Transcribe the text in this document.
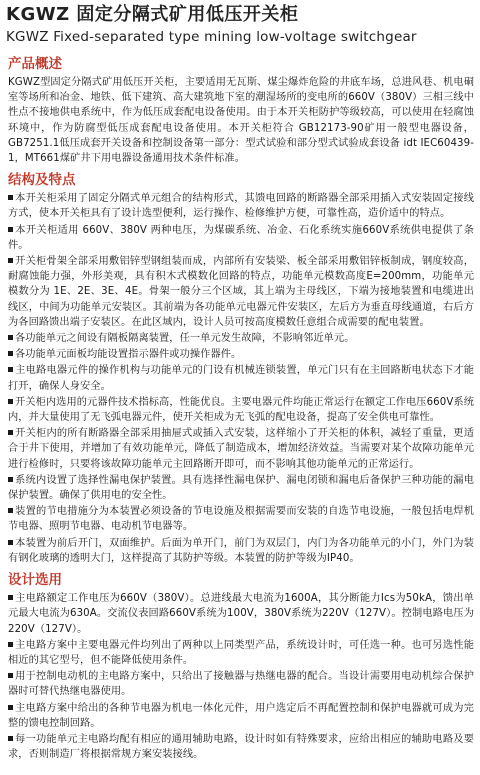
KGWZ 固定分隔式矿用低压开关柜
KGWZ Fixed-separated type mining low-voltage switchgear
产品概述

KGWZ型固定分隔式矿用低压开关柜，主要适用无瓦斯、煤尘爆炸危险的井底车场，总进风巷、机电硐室等场所和冶金、地铁、低下建筑、高大建筑地下室的潮湿场所的变电所的660V（380V）三相三线中性点不接地供电系统中，作为低压成套配电设备使用。由于本开关柜防护等级较高，可以使用在轻腐蚀环境中，作为防腐型低压成套配电设备使用。本开关柜符合 GB12173-90矿用一般型电器设备，GB7251.1低压成套开关设备和控制设备第一部分：型式试验和部分型式试验成套设备 idt IEC60439-1，MT661煤矿井下用电器设备通用技术条件标准。

结构及特点

本开关柜采用了固定分隔式单元组合的结构形式，其馈电回路的断路器全部采用插入式安装固定接线方式，使本开关柜具有了设计选型便利，运行操作、检修维护方便，可靠性高，造价适中的特点。

本开关柜适用 660V、380V 两种电压，为煤碳系统、冶金、石化系统实施660V系统供电提供了条件。

开关柜骨架全部采用敷铝锌型钢组装而成，内部所有安装梁、板全部采用敷铝锌板制成，钢度较高，耐腐蚀能力强，外形美观，具有积木式模数化回路的特点，功能单元模数高度E=200mm，功能单元模数分为 1E、2E、3E、4E。骨架一般分三个区域，其上端为主母线区，下端为接地装置和电缆进出线区，中间为功能单元安装区。其前端为各功能单元电器元件安装区，左后方为垂直母线通道，右后方为各回路馈出端子安装区。在此区域内，设计人员可按高度模数任意组合成需要的配电装置。

各功能单元之间设有隔板隔离装置，任一单元发生故障，不影响邻近单元。

各功能单元面板均能设置指示器件或功操作器件。

主电路电器元件的操作机构与功能单元的门设有机械连锁装置，单元门只有在主回路断电状态下才能打开，确保人身安全。

开关柜内选用的元器件技术指标高，性能优良。主要电器元件均能正常运行在额定工作电压660V系统内，并大量使用了无飞弧电器元件，使开关柜成为无飞弧的配电设备，提高了安全供电可靠性。

开关柜内的所有断路器全部采用抽屉式或插入式安装，这样缩小了开关柜的体积，减轻了重量，更适合于井下使用，并增加了有效功能单元，降低了制造成本，增加经济效益。当需要对某个故障功能单元进行检修时，只要将该故障功能单元主回路断开即可，而不影响其他功能单元的正常运行。

系统内设置了选择性漏电保护装置。具有选择性漏电保护、漏电闭锁和漏电后备保护三种功能的漏电保护装置。确保了供用电的安全性。

装置的节电措施分为本装置必须设备的节电设施及根据需要而安装的自选节电设施，一般包括电焊机节电器、照明节电器、电动机节电器等。

本装置为前后开门，双面维护。后面为单开门，前门为双层门，内门为各功能单元的小门，外门为装有钢化玻璃的透明大门，这样提高了其防护等级。本装置的防护等级为IP40。

设计选用

主电路额定工作电压为660V（380V）。总进线最大电流为1600A，其分断能力Ics为50kA，馈出单元最大电流为630A。交流仪表回路660V系统为100V，380V系统为220V（127V）。控制电路电压为220V（127V）。

主电路方案中主要电器元件均列出了两种以上同类型产品，系统设计时，可任选一种。也可另选性能相近的其它型号，但不能降低使用条件。

用于控制电动机的主电路方案中，只给出了接触器与热继电器的配合。当设计需要用电动机综合保护器时可替代热继电器使用。

主电路方案中给出的各种节电器为机电一体化元件，用户选定后不再配置控制和保护电器就可成为完整的馈电控制回路。

每一功能单元主电路均配有相应的通用辅助电路，设计时如有特殊要求，应给出相应的辅助电路及要求，否则制造厂将根据常规方案安装接线。
